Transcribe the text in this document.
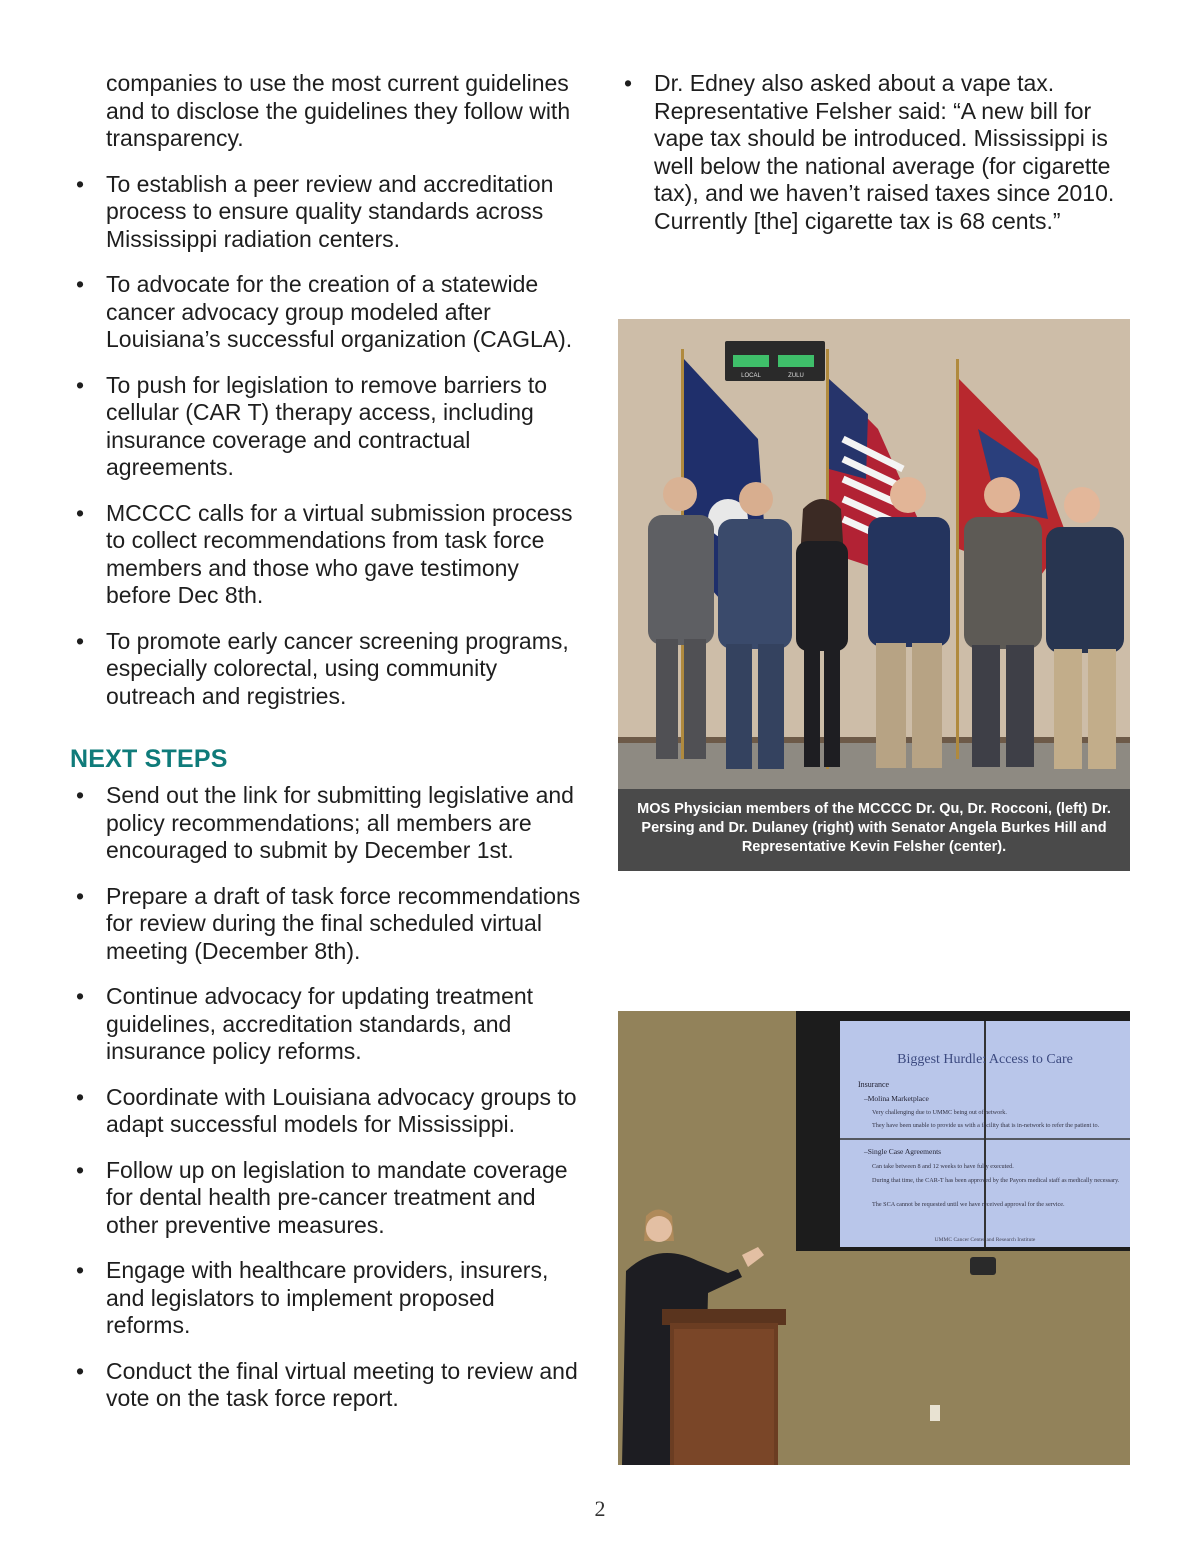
companies to use the most current guidelines and to disclose the guidelines they follow with transparency.

• To establish a peer review and accreditation process to ensure quality standards across Mississippi radiation centers.
• To advocate for the creation of a statewide cancer advocacy group modeled after Louisiana’s successful organization (CAGLA).
• To push for legislation to remove barriers to cellular (CAR T) therapy access, including insurance coverage and contractual agreements.
• MCCCC calls for a virtual submission process to collect recommendations from task force members and those who gave testimony before Dec 8th.
• To promote early cancer screening programs, especially colorectal, using community outreach and registries.
NEXT STEPS
• Send out the link for submitting legislative and policy recommendations; all members are encouraged to submit by December 1st.
• Prepare a draft of task force recommendations for review during the final scheduled virtual meeting (December 8th).
• Continue advocacy for updating treatment guidelines, accreditation standards, and insurance policy reforms.
• Coordinate with Louisiana advocacy groups to adapt successful models for Mississippi.
• Follow up on legislation to mandate coverage for dental health pre-cancer treatment and other preventive measures.
• Engage with healthcare providers, insurers, and legislators to implement proposed reforms.
• Conduct the final virtual meeting to review and vote on the task force report.
• Dr. Edney also asked about a vape tax. Representative Felsher said: “A new bill for vape tax should be introduced. Mississippi is well below the national average (for cigarette tax), and we haven’t raised taxes since 2010. Currently [the] cigarette tax is 68 cents.”
LOCAL	ZULU
MOS Physician members of the MCCCC Dr. Qu, Dr. Rocconi, (left) Dr. Persing and Dr. Dulaney (right) with Senator Angela Burkes Hill and Representative Kevin Felsher (center).
Biggest Hurdle: Access to Care
Insurance
–Molina Marketplace
Very challenging due to UMMC being out of network.
They have been unable to provide us with a facility that is in-network to refer the patient to.
–Single Case Agreements
Can take between 8 and 12 weeks to have fully executed.
During that time, the CAR-T has been approved by the Payors medical staff as medically necessary.
The SCA cannot be requested until we have received approval for the service.
UMMC Cancer Center and Research Institute
2
